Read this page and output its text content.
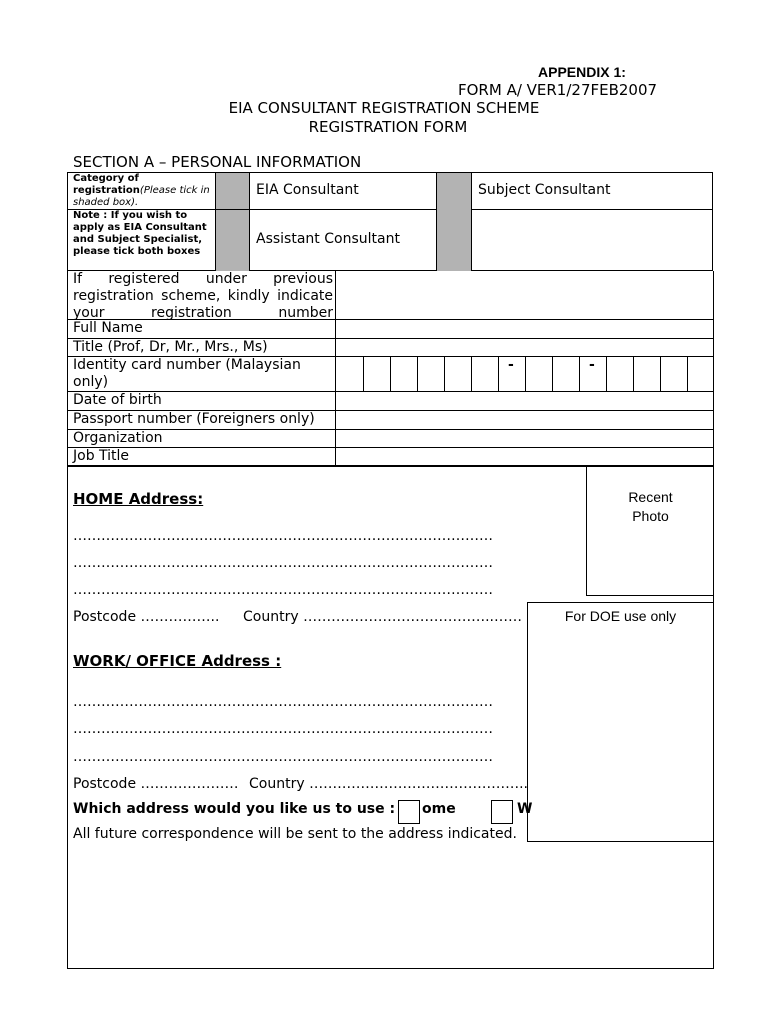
APPENDIX 1:
FORM A/ VER1/27FEB2007
EIA CONSULTANT REGISTRATION SCHEME
REGISTRATION FORM
SECTION A – PERSONAL INFORMATION
Category of registration(Please tick in shaded box).
Note : If you wish to apply as EIA Consultant and Subject Specialist, please tick both boxes
EIA Consultant	Subject Consultant
Assistant Consultant
If registered under previous registration scheme, kindly indicate your registration number
Full Name
Title (Prof, Dr, Mr., Mrs., Ms)
Identity card number (Malaysian only)
-	-
Date of birth
Passport number (Foreigners only)
Organization
Job Title
Recent
Photo
HOME Address:
………………………………………………………………………………
………………………………………………………………………………
………………………………………………………………………………
Postcode …………….. Country …………………………………..……	For DOE use only
WORK/ OFFICE Address :
………………………………………………………………………………
………………………………………………………………………………
………………………………………………………………………………
Postcode ………………… Country ………………………………………..
Which address would you like us to use : ome	W
All future correspondence will be sent to the address indicated.
